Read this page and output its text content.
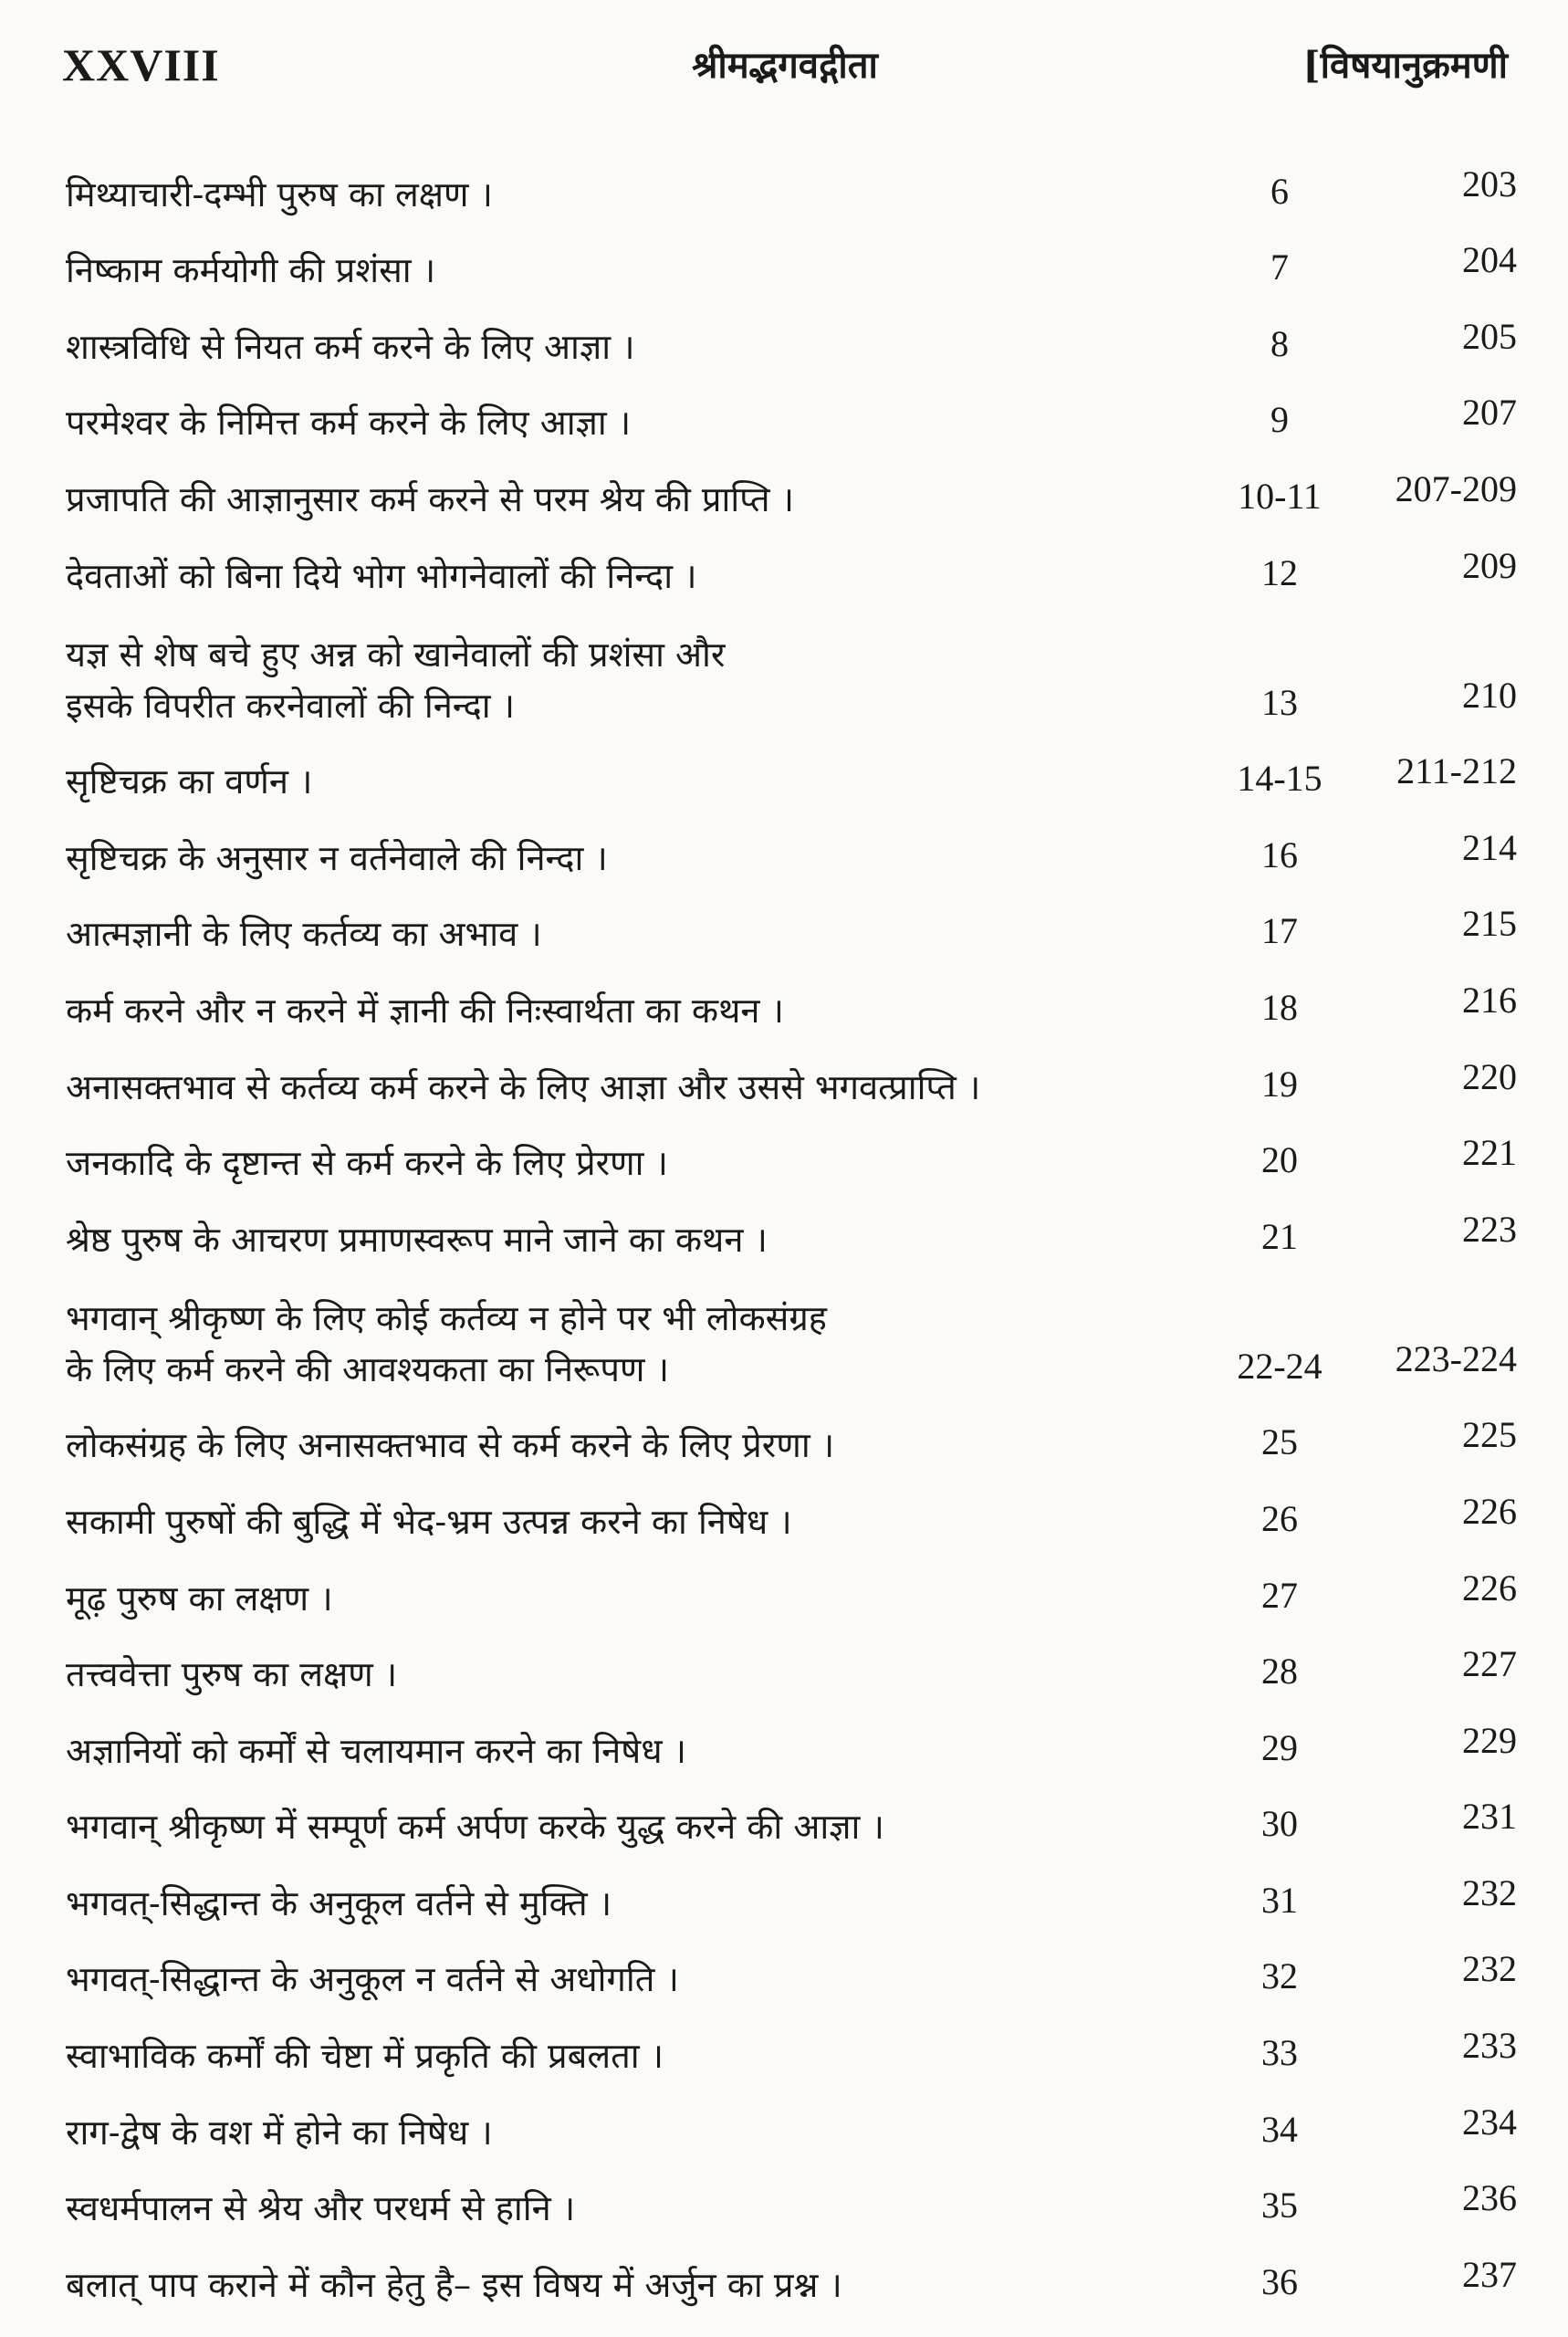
XXVIII	श्रीमद्भगवद्गीता	[विषयानुक्रमणी
मिथ्याचारी-दम्भी पुरुष का लक्षण ।	6	203
निष्काम कर्मयोगी की प्रशंसा ।	7	204
शास्त्रविधि से नियत कर्म करने के लिए आज्ञा ।	8	205
परमेश्वर के निमित्त कर्म करने के लिए आज्ञा ।	9	207
प्रजापति की आज्ञानुसार कर्म करने से परम श्रेय की प्राप्ति ।	10-11	207-209
देवताओं को बिना दिये भोग भोगनेवालों की निन्दा ।	12	209
यज्ञ से शेष बचे हुए अन्न को खानेवालों की प्रशंसा और
इसके विपरीत करनेवालों की निन्दा ।	13	210
सृष्टिचक्र का वर्णन ।	14-15	211-212
सृष्टिचक्र के अनुसार न वर्तनेवाले की निन्दा ।	16	214
आत्मज्ञानी के लिए कर्तव्य का अभाव ।	17	215
कर्म करने और न करने में ज्ञानी की निःस्वार्थता का कथन ।	18	216
अनासक्तभाव से कर्तव्य कर्म करने के लिए आज्ञा और उससे भगवत्प्राप्ति ।	19	220
जनकादि के दृष्टान्त से कर्म करने के लिए प्रेरणा ।	20	221
श्रेष्ठ पुरुष के आचरण प्रमाणस्वरूप माने जाने का कथन ।	21	223
भगवान् श्रीकृष्ण के लिए कोई कर्तव्य न होने पर भी लोकसंग्रह
के लिए कर्म करने की आवश्यकता का निरूपण ।	22-24	223-224
लोकसंग्रह के लिए अनासक्तभाव से कर्म करने के लिए प्रेरणा ।	25	225
सकामी पुरुषों की बुद्धि में भेद-भ्रम उत्पन्न करने का निषेध ।	26	226
मूढ़ पुरुष का लक्षण ।	27	226
तत्त्ववेत्ता पुरुष का लक्षण ।	28	227
अज्ञानियों को कर्मों से चलायमान करने का निषेध ।	29	229
भगवान् श्रीकृष्ण में सम्पूर्ण कर्म अर्पण करके युद्ध करने की आज्ञा ।	30	231
भगवत्-सिद्धान्त के अनुकूल वर्तने से मुक्ति ।	31	232
भगवत्-सिद्धान्त के अनुकूल न वर्तने से अधोगति ।	32	232
स्वाभाविक कर्मों की चेष्टा में प्रकृति की प्रबलता ।	33	233
राग-द्वेष के वश में होने का निषेध ।	34	234
स्वधर्मपालन से श्रेय और परधर्म से हानि ।	35	236
बलात् पाप कराने में कौन हेतु है– इस विषय में अर्जुन का प्रश्न ।	36	237
